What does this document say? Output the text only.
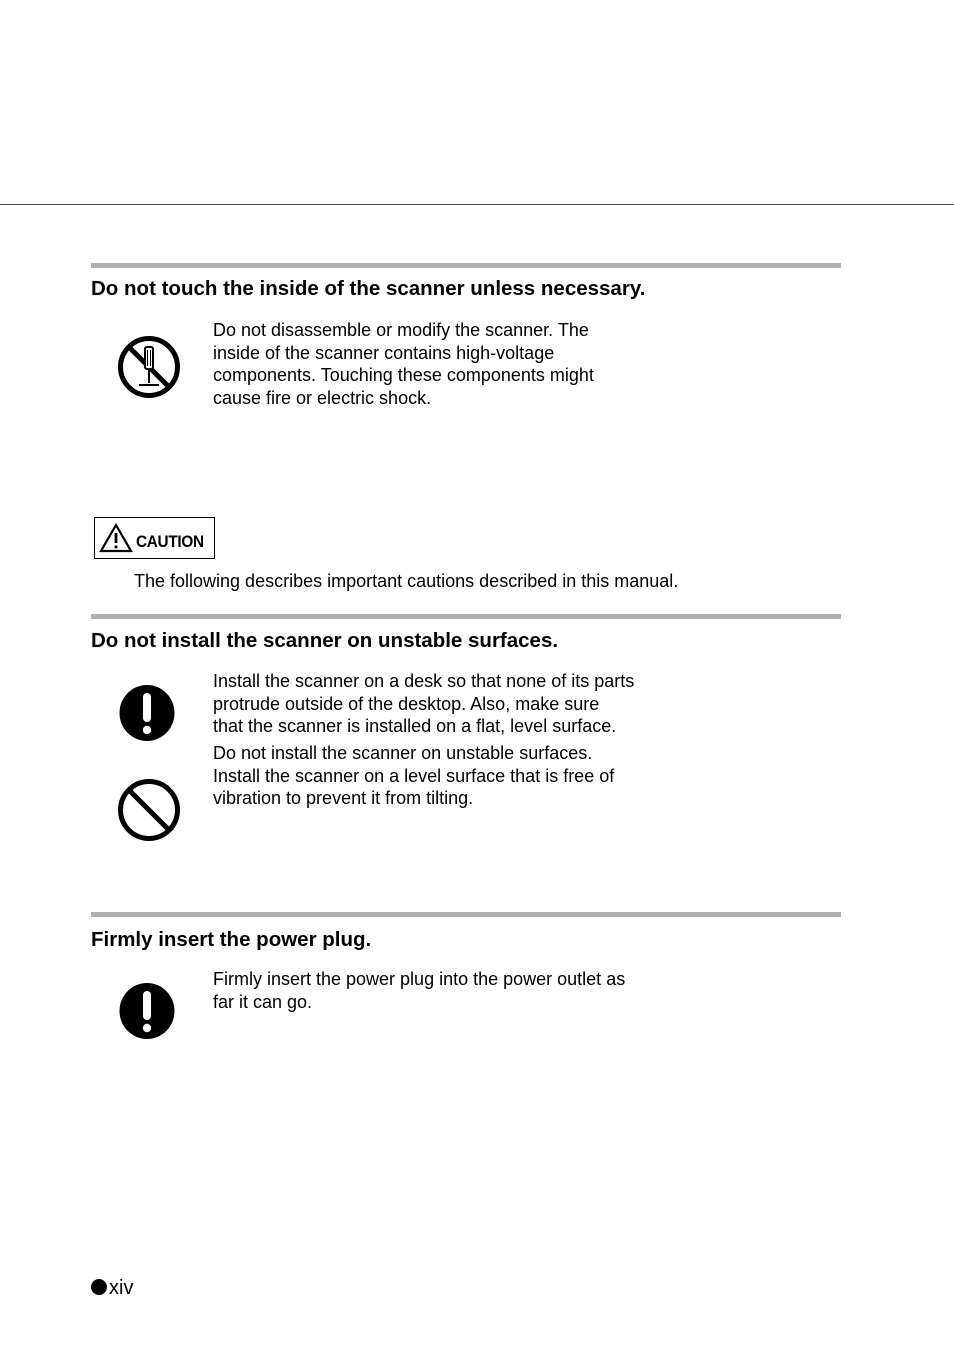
Do not touch the inside of the scanner unless necessary.
Do not disassemble or modify the scanner. The
inside of the scanner contains high-voltage
components. Touching these components might
cause fire or electric shock.
CAUTION
The following describes important cautions described in this manual.
Do not install the scanner on unstable surfaces.
Install the scanner on a desk so that none of its parts
protrude outside of the desktop. Also, make sure
that the scanner is installed on a flat, level surface.
Do not install the scanner on unstable surfaces.
Install the scanner on a level surface that is free of
vibration to prevent it from tilting.
Firmly insert the power plug.
Firmly insert the power plug into the power outlet as
far it can go.
xiv
